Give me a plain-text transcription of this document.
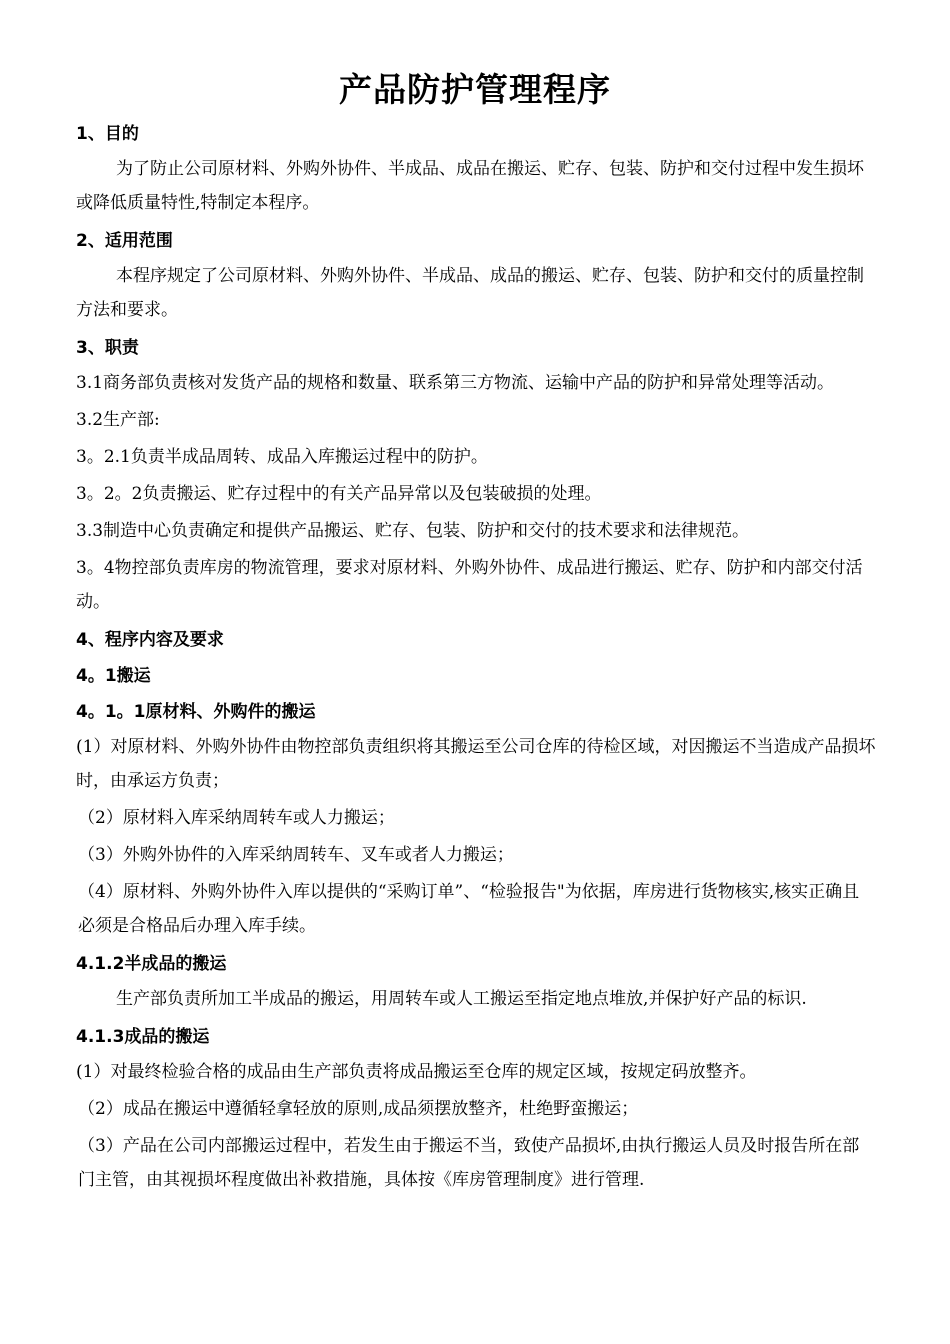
产品防护管理程序

1、目的

为了防止公司原材料、外购外协件、半成品、成品在搬运、贮存、包装、防护和交付过程中发生损坏或降低质量特性,特制定本程序。

2、适用范围

本程序规定了公司原材料、外购外协件、半成品、成品的搬运、贮存、包装、防护和交付的质量控制方法和要求。

3、职责

3.1商务部负责核对发货产品的规格和数量、联系第三方物流、运输中产品的防护和异常处理等活动。

3.2生产部:

3。2.1负责半成品周转、成品入库搬运过程中的防护。

3。2。2负责搬运、贮存过程中的有关产品异常以及包装破损的处理。

3.3制造中心负责确定和提供产品搬运、贮存、包装、防护和交付的技术要求和法律规范。

3。4物控部负责库房的物流管理，要求对原材料、外购外协件、成品进行搬运、贮存、防护和内部交付活动。

4、程序内容及要求

4。1搬运

4。1。1原材料、外购件的搬运

(1）对原材料、外购外协件由物控部负责组织将其搬运至公司仓库的待检区域，对因搬运不当造成产品损坏时，由承运方负责；

（2）原材料入库采纳周转车或人力搬运；

（3）外购外协件的入库采纳周转车、叉车或者人力搬运；

（4）原材料、外购外协件入库以提供的“采购订单”、“检验报告"为依据，库房进行货物核实,核实正确且必须是合格品后办理入库手续。

4.1.2半成品的搬运

生产部负责所加工半成品的搬运，用周转车或人工搬运至指定地点堆放,并保护好产品的标识.

4.1.3成品的搬运

(1）对最终检验合格的成品由生产部负责将成品搬运至仓库的规定区域，按规定码放整齐。

（2）成品在搬运中遵循轻拿轻放的原则,成品须摆放整齐，杜绝野蛮搬运；

（3）产品在公司内部搬运过程中，若发生由于搬运不当，致使产品损坏,由执行搬运人员及时报告所在部门主管，由其视损坏程度做出补救措施，具体按《库房管理制度》进行管理.
